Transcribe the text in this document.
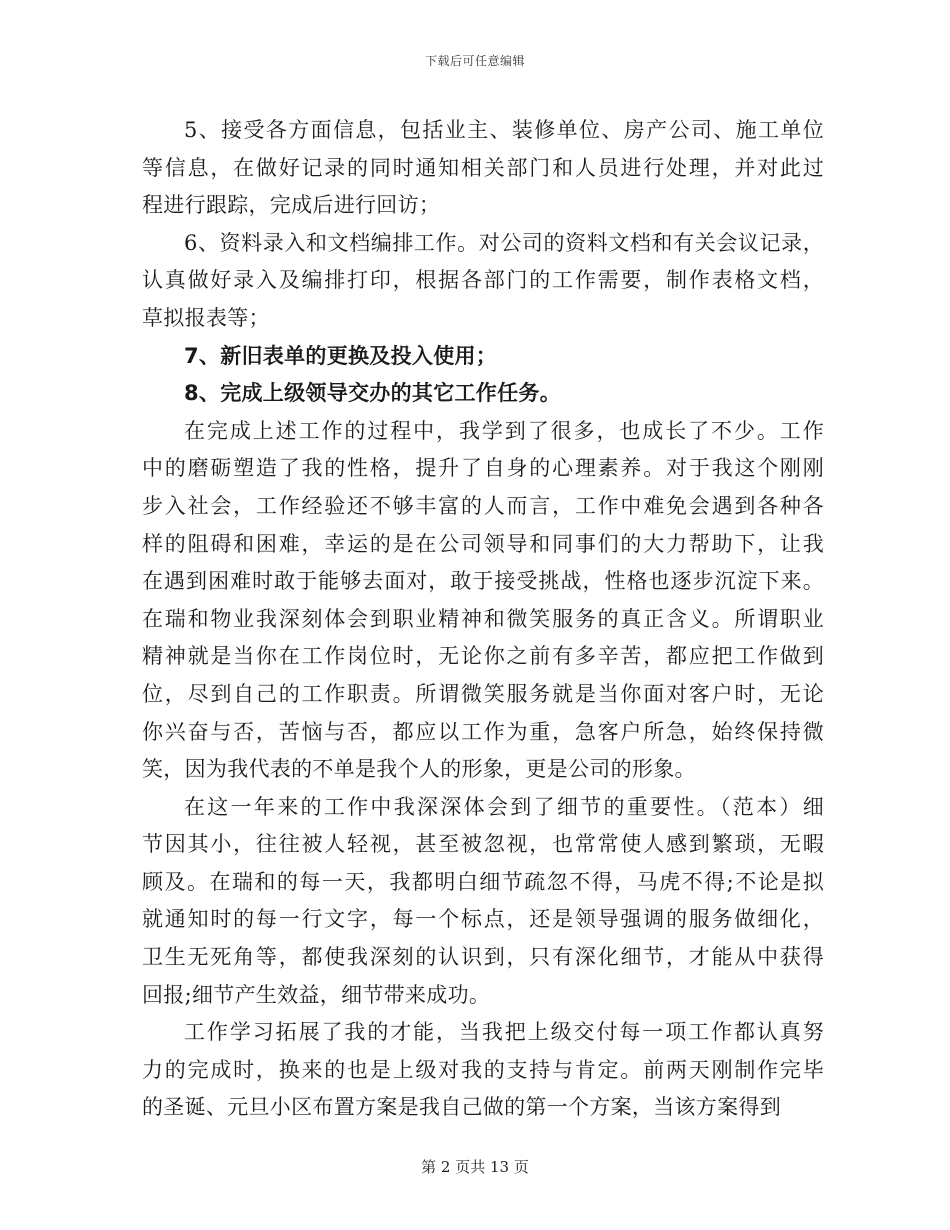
下载后可任意编辑
5、接受各方面信息，包括业主、装修单位、房产公司、施工单位
等信息，在做好记录的同时通知相关部门和人员进行处理，并对此过
程进行跟踪，完成后进行回访；
6、资料录入和文档编排工作。对公司的资料文档和有关会议记录，
认真做好录入及编排打印，根据各部门的工作需要，制作表格文档，
草拟报表等；
7、新旧表单的更换及投入使用；
8、完成上级领导交办的其它工作任务。
在完成上述工作的过程中，我学到了很多，也成长了不少。工作
中的磨砺塑造了我的性格，提升了自身的心理素养。对于我这个刚刚
步入社会，工作经验还不够丰富的人而言，工作中难免会遇到各种各
样的阻碍和困难，幸运的是在公司领导和同事们的大力帮助下，让我
在遇到困难时敢于能够去面对，敢于接受挑战，性格也逐步沉淀下来。
在瑞和物业我深刻体会到职业精神和微笑服务的真正含义。所谓职业
精神就是当你在工作岗位时，无论你之前有多辛苦，都应把工作做到
位，尽到自己的工作职责。所谓微笑服务就是当你面对客户时，无论
你兴奋与否，苦恼与否，都应以工作为重，急客户所急，始终保持微
笑，因为我代表的不单是我个人的形象，更是公司的形象。
在这一年来的工作中我深深体会到了细节的重要性。（范本）细
节因其小，往往被人轻视，甚至被忽视，也常常使人感到繁琐，无暇
顾及。在瑞和的每一天，我都明白细节疏忽不得，马虎不得;不论是拟
就通知时的每一行文字，每一个标点，还是领导强调的服务做细化，
卫生无死角等，都使我深刻的认识到，只有深化细节，才能从中获得
回报;细节产生效益，细节带来成功。
工作学习拓展了我的才能，当我把上级交付每一项工作都认真努
力的完成时，换来的也是上级对我的支持与肯定。前两天刚制作完毕
的圣诞、元旦小区布置方案是我自己做的第一个方案，当该方案得到
第 2 页共 13 页
